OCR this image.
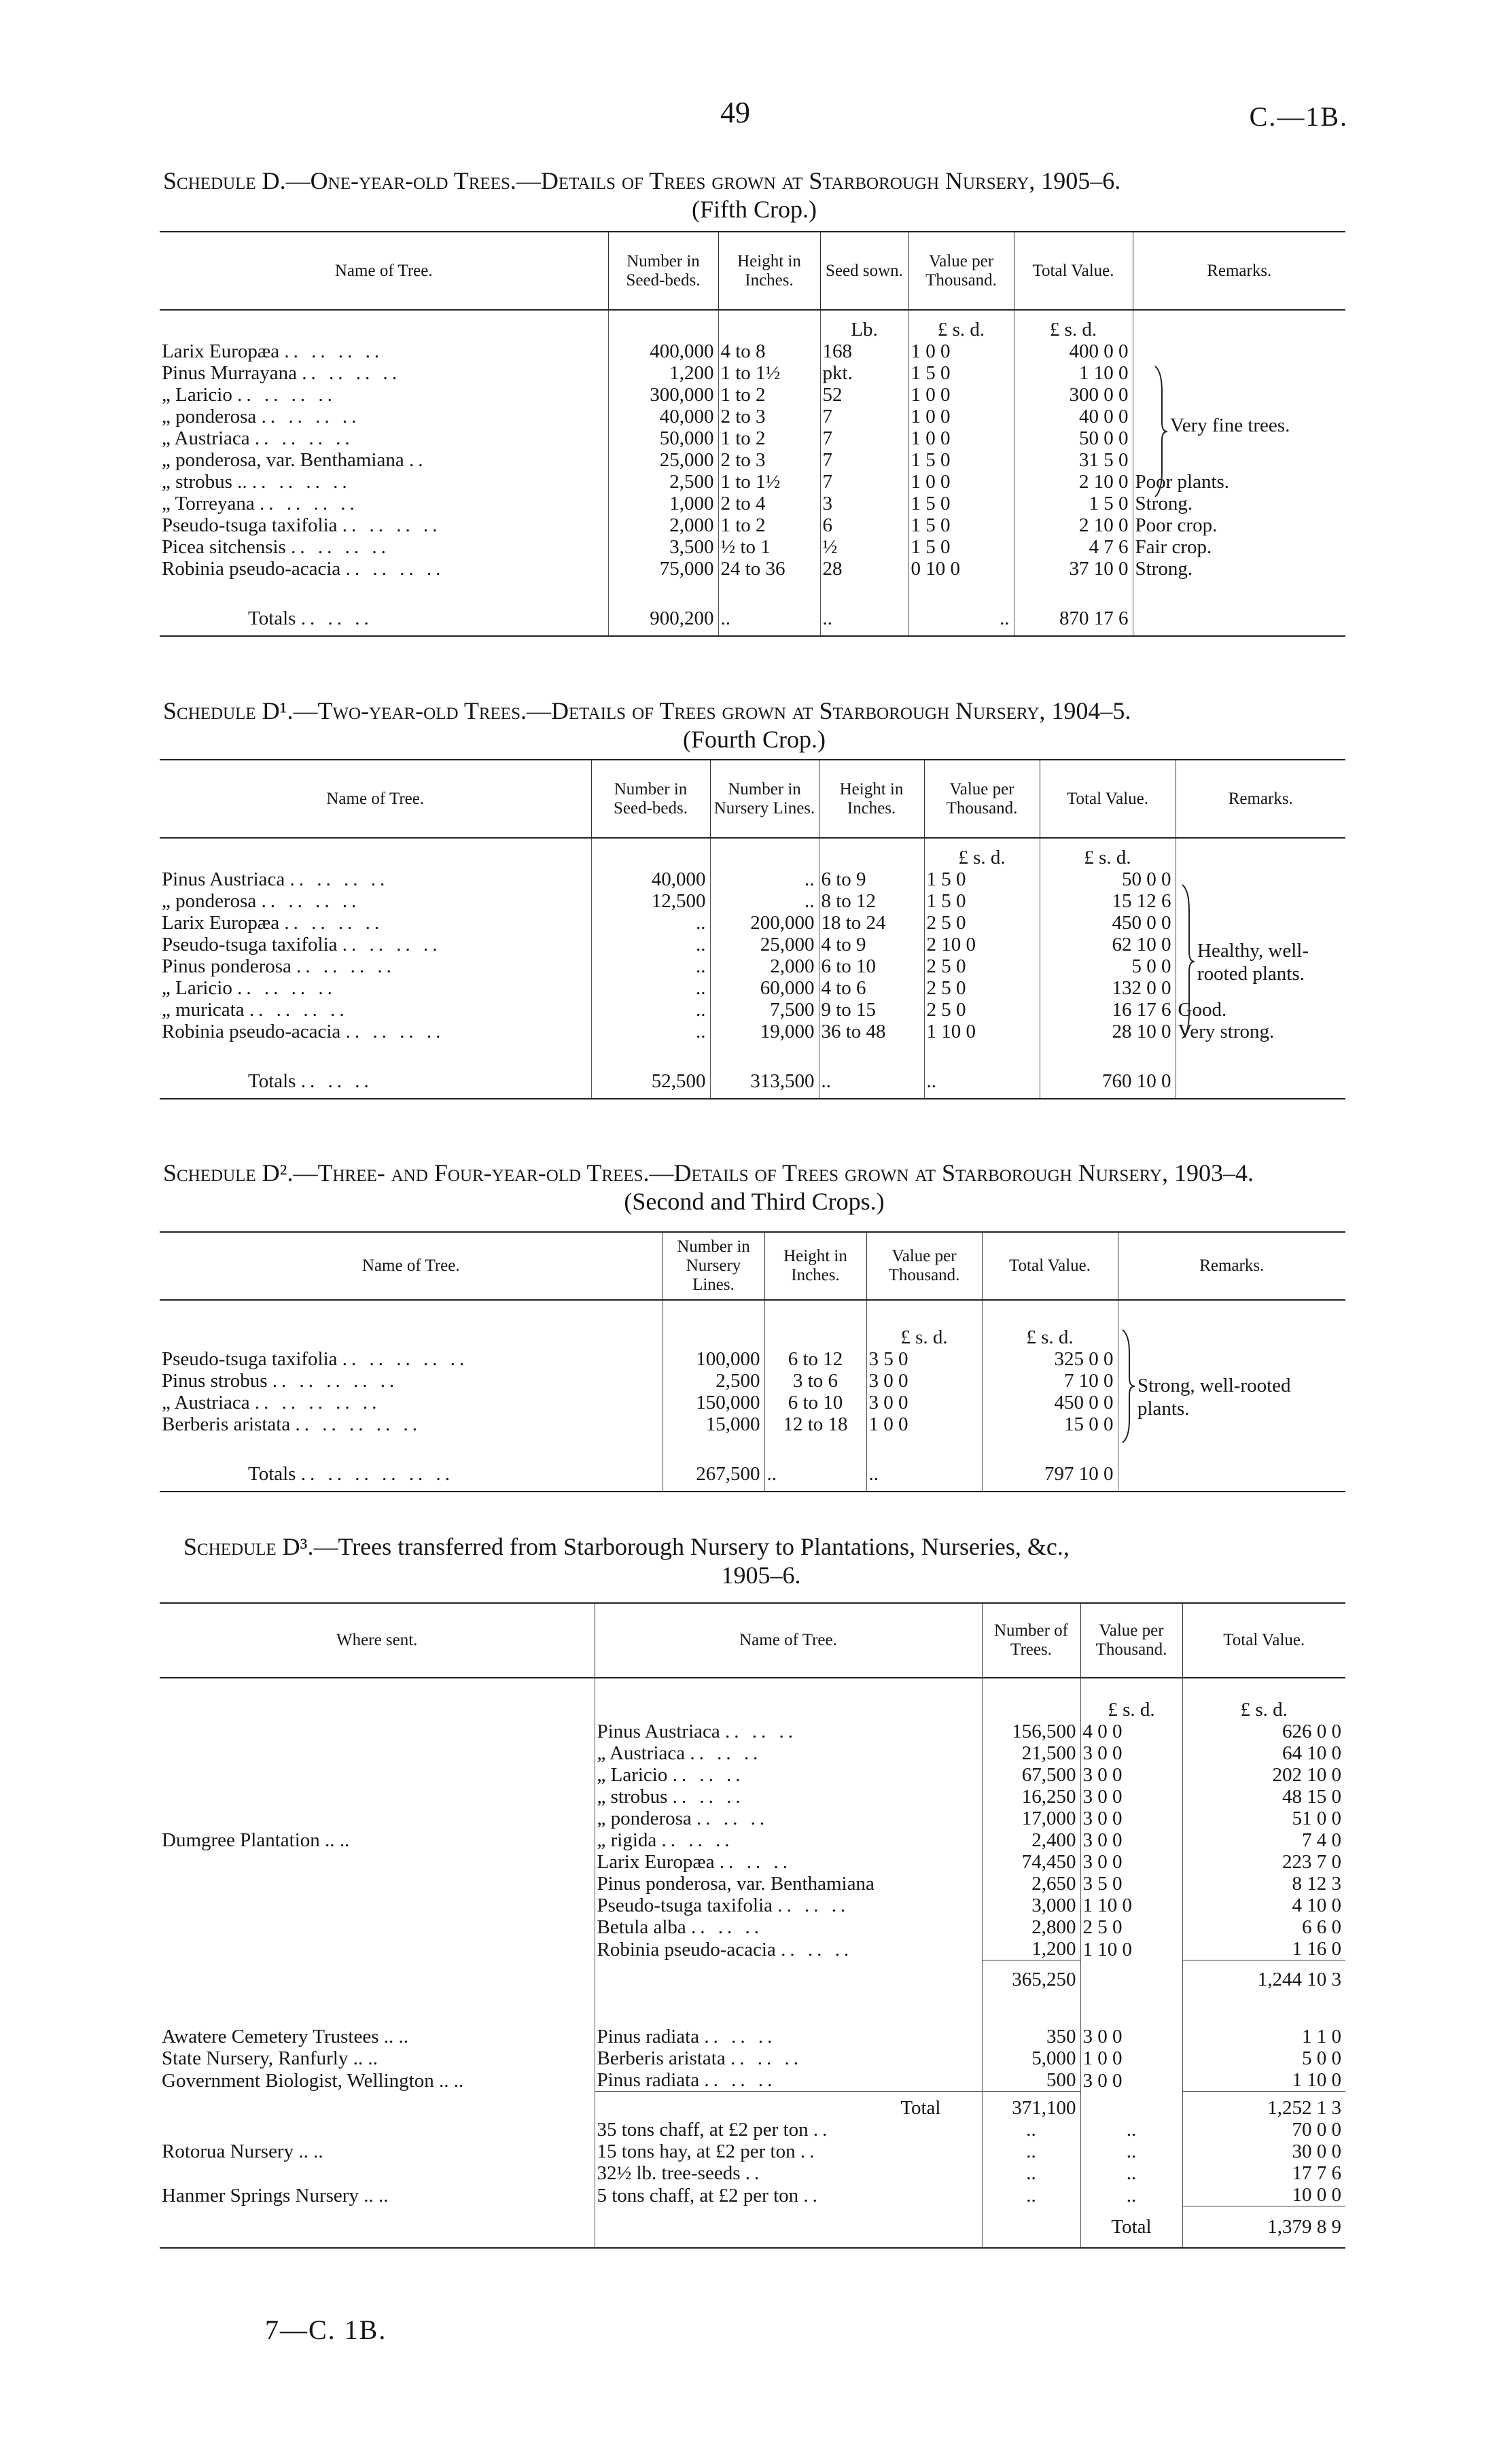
49	C.—1B.
Schedule D.—One-year-old Trees.—Details of Trees grown at Starborough Nursery, 1905–6.
(Fifth Crop.)
Name of Tree.	Number in Seed-beds.	Height in Inches.	Seed sown.	Value per Thousand.	Total Value.	Remarks.
			Lb.	£ s. d.	£ s. d.	
Larix Europæa .. .. .. ..	400,000	4 to 8	168	1 0 0	400 0 0	
Pinus Murrayana .. .. .. ..	1,200	1 to 1½	pkt.	1 5 0	1 10 0	
„ Laricio .. .. .. ..	300,000	1 to 2	52	1 0 0	300 0 0	
„ ponderosa .. .. .. ..	40,000	2 to 3	7	1 0 0	40 0 0	
„ Austriaca .. .. .. ..	50,000	1 to 2	7	1 0 0	50 0 0	
„ ponderosa, var. Benthamiana ..	25,000	2 to 3	7	1 5 0	31 5 0	
„ strobus .. .. .. .. ..	2,500	1 to 1½	7	1 0 0	2 10 0	Poor plants.
„ Torreyana .. .. .. ..	1,000	2 to 4	3	1 5 0	1 5 0	Strong.
Pseudo-tsuga taxifolia .. .. .. ..	2,000	1 to 2	6	1 5 0	2 10 0	Poor crop.
Picea sitchensis .. .. .. ..	3,500	½ to 1	½	1 5 0	4 7 6	Fair crop.
Robinia pseudo-acacia .. .. .. ..	75,000	24 to 36	28	0 10 0	37 10 0	Strong.

Totals .. .. ..	900,200	..	..	..	870 17 6	
Very fine trees.
Schedule D¹.—Two-year-old Trees.—Details of Trees grown at Starborough Nursery, 1904–5.
(Fourth Crop.)
Name of Tree.	Number in Seed-beds.	Number in Nursery Lines.	Height in Inches.	Value per Thousand.	Total Value.	Remarks.
				£ s. d.	£ s. d.	
Pinus Austriaca .. .. .. ..	40,000	..	6 to 9	1 5 0	50 0 0	
„ ponderosa .. .. .. ..	12,500	..	8 to 12	1 5 0	15 12 6	
Larix Europæa .. .. .. ..	..	200,000	18 to 24	2 5 0	450 0 0	
Pseudo-tsuga taxifolia .. .. .. ..	..	25,000	4 to 9	2 10 0	62 10 0	
Pinus ponderosa .. .. .. ..	..	2,000	6 to 10	2 5 0	5 0 0	
„ Laricio .. .. .. ..	..	60,000	4 to 6	2 5 0	132 0 0	
„ muricata .. .. .. ..	..	7,500	9 to 15	2 5 0	16 17 6	Good.
Robinia pseudo-acacia .. .. .. ..	..	19,000	36 to 48	1 10 0	28 10 0	Very strong.

Totals .. .. ..	52,500	313,500	..	..	760 10 0	
Healthy, well-rooted plants.
Schedule D².—Three- and Four-year-old Trees.—Details of Trees grown at Starborough Nursery, 1903–4.
(Second and Third Crops.)
Name of Tree.	Number in Nursery Lines.	Height in Inches.	Value per Thousand.	Total Value.	Remarks.
			£ s. d.	£ s. d.	
Pseudo-tsuga taxifolia .. .. .. .. ..	100,000	6 to 12	3 5 0	325 0 0	
Pinus strobus .. .. .. .. ..	2,500	3 to 6	3 0 0	7 10 0	
„ Austriaca .. .. .. .. ..	150,000	6 to 10	3 0 0	450 0 0	
Berberis aristata .. .. .. .. ..	15,000	12 to 18	1 0 0	15 0 0	

Totals .. .. .. .. .. ..	267,500	..	..	797 10 0	
Strong, well-rooted plants.
Schedule D³.—Trees transferred from Starborough Nursery to Plantations, Nurseries, &c.,
1905–6.
Where sent.	Name of Tree.	Number of Trees.	Value per Thousand.	Total Value.
			£ s. d.	£ s. d.
	Pinus Austriaca .. .. ..	156,500	4 0 0	626 0 0
	„ Austriaca .. .. ..	21,500	3 0 0	64 10 0
	„ Laricio .. .. ..	67,500	3 0 0	202 10 0
	„ strobus .. .. ..	16,250	3 0 0	48 15 0
	„ ponderosa .. .. ..	17,000	3 0 0	51 0 0
Dumgree Plantation .. ..	„ rigida .. .. ..	2,400	3 0 0	7 4 0
	Larix Europæa .. .. ..	74,450	3 0 0	223 7 0
	Pinus ponderosa, var. Benthamiana	2,650	3 5 0	8 12 3
	Pseudo-tsuga taxifolia .. .. ..	3,000	1 10 0	4 10 0
	Betula alba .. .. ..	2,800	2 5 0	6 6 0
	Robinia pseudo-acacia .. .. ..	1,200	1 10 0	1 16 0
		365,250		1,244 10 3

Awatere Cemetery Trustees .. ..	Pinus radiata .. .. ..	350	3 0 0	1 1 0
State Nursery, Ranfurly .. ..	Berberis aristata .. .. ..	5,000	1 0 0	5 0 0
Government Biologist, Wellington .. ..	Pinus radiata .. .. ..	500	3 0 0	1 10 0
	Total	371,100		1,252 1 3
	35 tons chaff, at £2 per ton ..	..	..	70 0 0
Rotorua Nursery .. ..	15 tons hay, at £2 per ton ..	..	..	30 0 0
	32½ lb. tree-seeds ..	..	..	17 7 6
Hanmer Springs Nursery .. ..	5 tons chaff, at £2 per ton ..	..	..	10 0 0
			Total	1,379 8 9
7—C. 1B.
